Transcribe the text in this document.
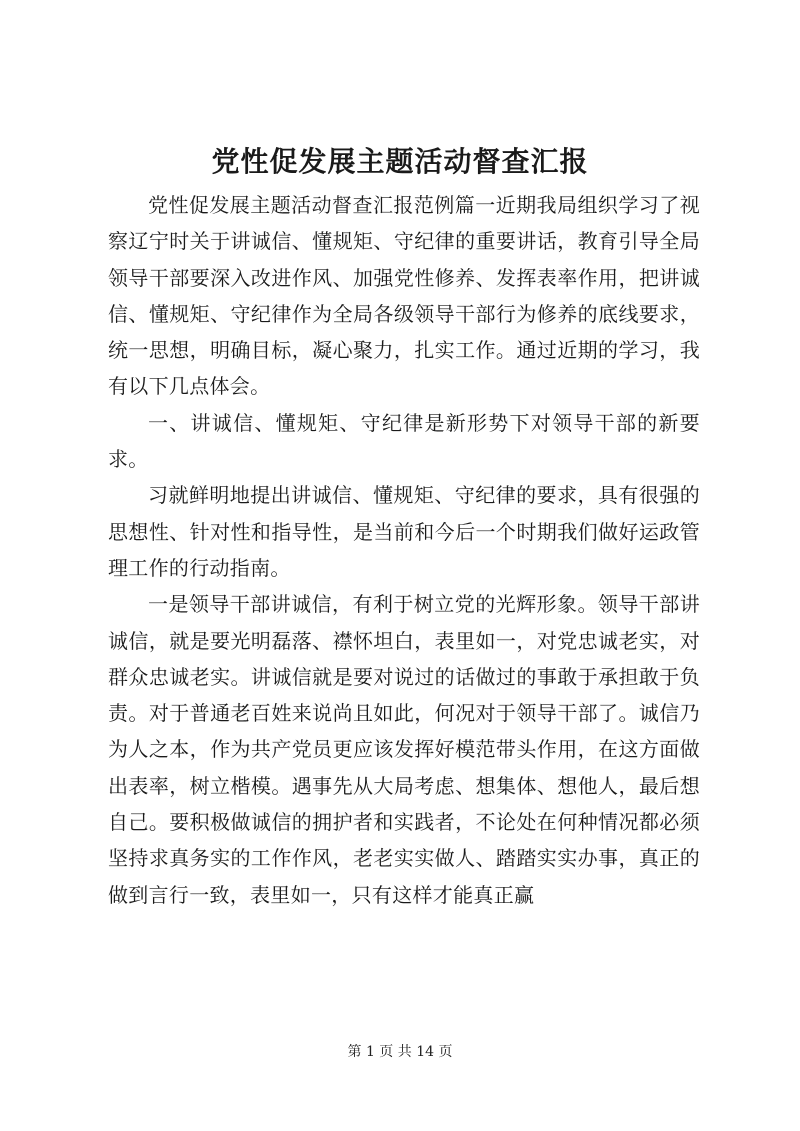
党性促发展主题活动督查汇报

党性促发展主题活动督查汇报范例篇一近期我局组织学习了视察辽宁时关于讲诚信、懂规矩、守纪律的重要讲话，教育引导全局领导干部要深入改进作风、加强党性修养、发挥表率作用，把讲诚信、懂规矩、守纪律作为全局各级领导干部行为修养的底线要求，统一思想，明确目标，凝心聚力，扎实工作。通过近期的学习，我有以下几点体会。

一、讲诚信、懂规矩、守纪律是新形势下对领导干部的新要求。

习就鲜明地提出讲诚信、懂规矩、守纪律的要求，具有很强的思想性、针对性和指导性，是当前和今后一个时期我们做好运政管理工作的行动指南。

一是领导干部讲诚信，有利于树立党的光辉形象。领导干部讲诚信，就是要光明磊落、襟怀坦白，表里如一，对党忠诚老实，对群众忠诚老实。讲诚信就是要对说过的话做过的事敢于承担敢于负责。对于普通老百姓来说尚且如此，何况对于领导干部了。诚信乃为人之本，作为共产党员更应该发挥好模范带头作用，在这方面做出表率，树立楷模。遇事先从大局考虑、想集体、想他人，最后想自己。要积极做诚信的拥护者和实践者，不论处在何种情况都必须坚持求真务实的工作作风，老老实实做人、踏踏实实办事，真正的做到言行一致，表里如一，只有这样才能真正赢

第 1 页 共 14 页
